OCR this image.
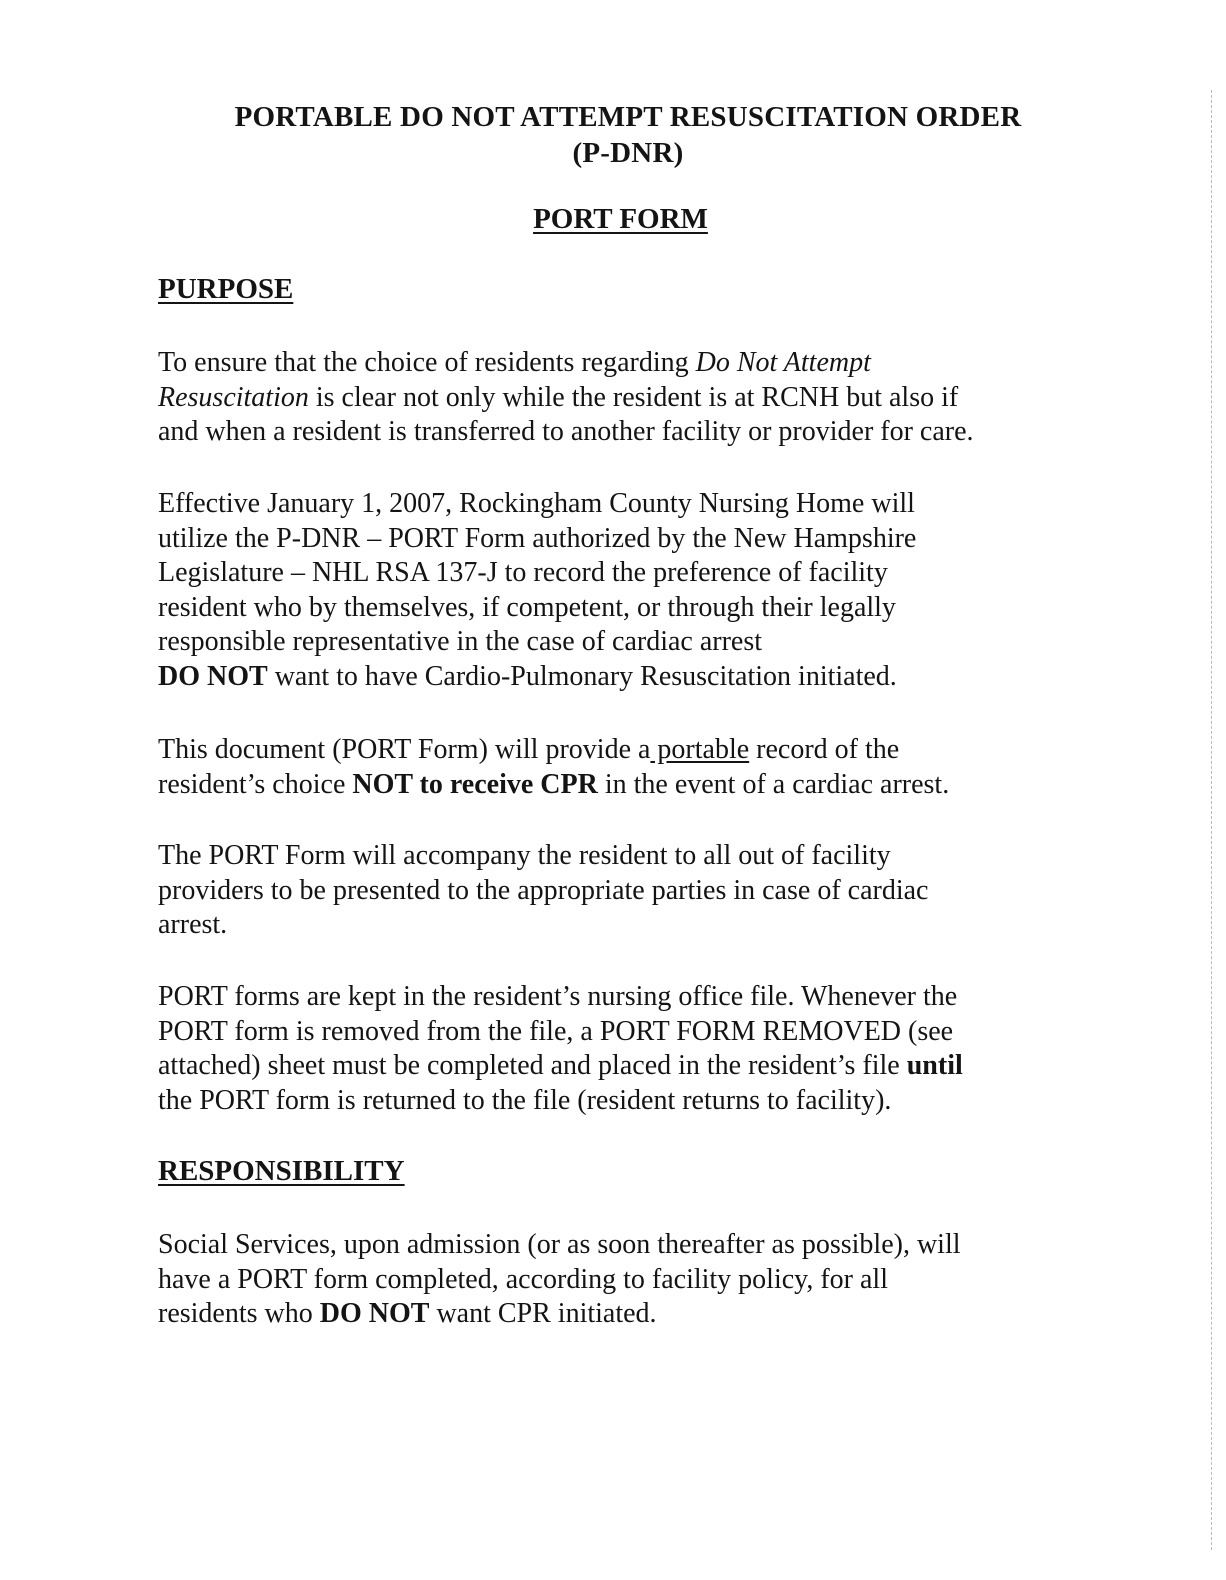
PORTABLE DO NOT ATTEMPT RESUSCITATION ORDER
(P-DNR)
PORT FORM
PURPOSE
To ensure that the choice of residents regarding Do Not Attempt
Resuscitation is clear not only while the resident is at RCNH but also if
and when a resident is transferred to another facility or provider for care.
Effective January 1, 2007, Rockingham County Nursing Home will
utilize the P-DNR – PORT Form authorized by the New Hampshire
Legislature – NHL RSA 137-J to record the preference of facility
resident who by themselves, if competent, or through their legally
responsible representative in the case of cardiac arrest
DO NOT want to have Cardio-Pulmonary Resuscitation initiated.
This document (PORT Form) will provide a portable record of the
resident’s choice NOT to receive CPR in the event of a cardiac arrest.
The PORT Form will accompany the resident to all out of facility
providers to be presented to the appropriate parties in case of cardiac
arrest.
PORT forms are kept in the resident’s nursing office file. Whenever the
PORT form is removed from the file, a PORT FORM REMOVED (see
attached) sheet must be completed and placed in the resident’s file until
the PORT form is returned to the file (resident returns to facility).
RESPONSIBILITY
Social Services, upon admission (or as soon thereafter as possible), will
have a PORT form completed, according to facility policy, for all
residents who DO NOT want CPR initiated.
